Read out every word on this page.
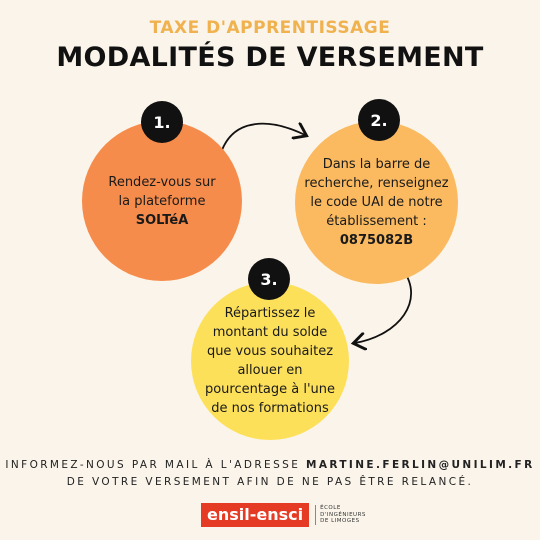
TAXE D'APPRENTISSAGE
MODALITÉS DE VERSEMENT
Rendez-vous sur
la plateforme
SOLTéA
1.
Dans la barre de recherche, renseignez le code UAI de notre établissement :
0875082B
2.
Répartissez le montant du solde que vous souhaitez allouer en pourcentage à l'une de nos formations
3.
INFORMEZ-NOUS PAR MAIL À L'ADRESSE MARTINE.FERLIN@UNILIM.FR
DE VOTRE VERSEMENT AFIN DE NE PAS ÊTRE RELANCÉ.
ensil-ensci	ÉCOLE
D'INGÉNIEURS
DE LIMOGES
